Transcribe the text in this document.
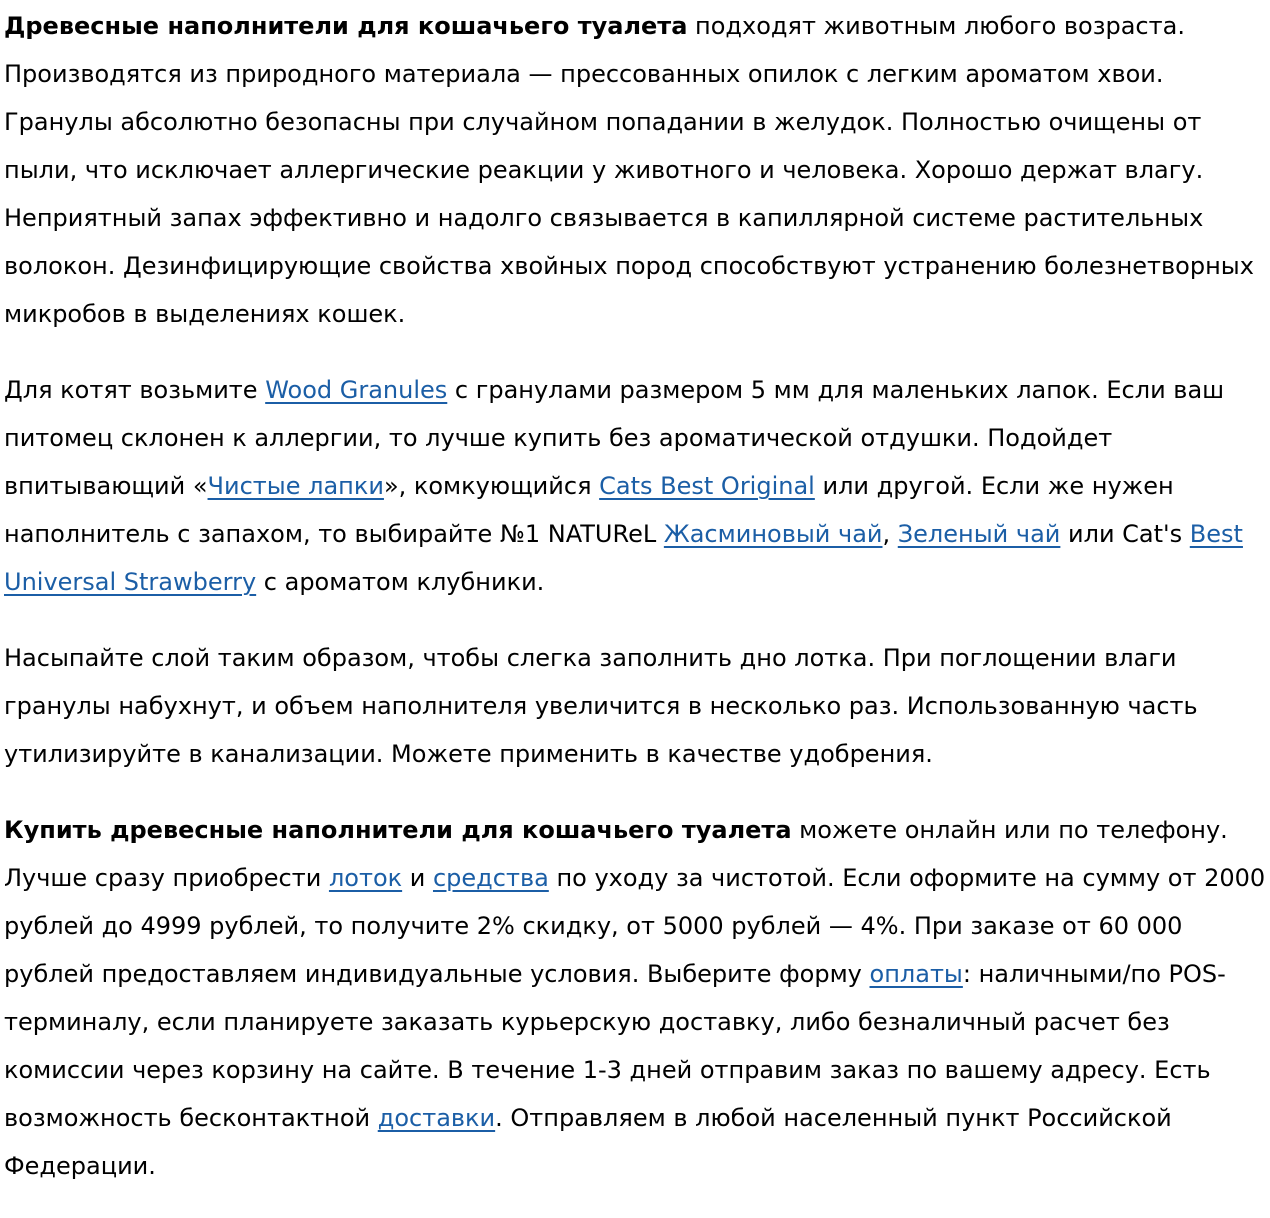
Древесные наполнители для кошачьего туалета подходят животным любого возраста. Производятся из природного материала — прессованных опилок с легким ароматом хвои. Гранулы абсолютно безопасны при случайном попадании в желудок. Полностью очищены от пыли, что исключает аллергические реакции у животного и человека. Хорошо держат влагу. Неприятный запах эффективно и надолго связывается в капиллярной системе растительных волокон. Дезинфицирующие свойства хвойных пород способствуют устранению болезнетворных микробов в выделениях кошек.

Для котят возьмите Wood Granules с гранулами размером 5 мм для маленьких лапок. Если ваш питомец склонен к аллергии, то лучше купить без ароматической отдушки. Подойдет впитывающий «Чистые лапки», комкующийся Cats Best Original или другой. Если же нужен наполнитель с запахом, то выбирайте №1 NATUReL Жасминовый чай, Зеленый чай или Cat's Best Universal Strawberry с ароматом клубники.

Насыпайте слой таким образом, чтобы слегка заполнить дно лотка. При поглощении влаги гранулы набухнут, и объем наполнителя увеличится в несколько раз. Использованную часть утилизируйте в канализации. Можете применить в качестве удобрения.

Купить древесные наполнители для кошачьего туалета можете онлайн или по телефону. Лучше сразу приобрести лоток и средства по уходу за чистотой. Если оформите на сумму от 2000 рублей до 4999 рублей, то получите 2% скидку, от 5000 рублей — 4%. При заказе от 60 000 рублей предоставляем индивидуальные условия. Выберите форму оплаты: наличными/по POS-терминалу, если планируете заказать курьерскую доставку, либо безналичный расчет без комиссии через корзину на сайте. В течение 1-3 дней отправим заказ по вашему адресу. Есть возможность бесконтактной доставки. Отправляем в любой населенный пункт Российской Федерации.
